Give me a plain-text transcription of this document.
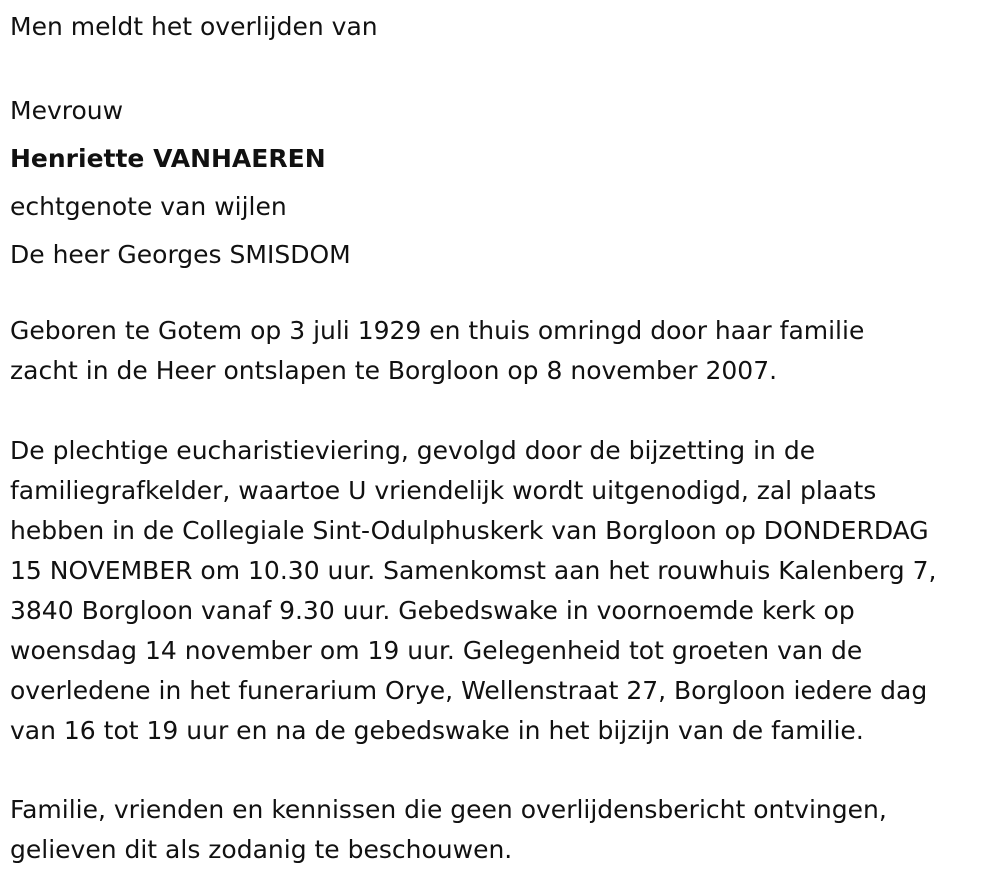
Men meldt het overlijden van

Mevrouw

Henriette VANHAEREN

echtgenote van wijlen

De heer Georges SMISDOM

Geboren te Gotem op 3 juli 1929 en thuis omringd door haar familie

zacht in de Heer ontslapen te Borgloon op 8 november 2007.

De plechtige eucharistieviering, gevolgd door de bijzetting in de

familiegrafkelder, waartoe U vriendelijk wordt uitgenodigd, zal plaats

hebben in de Collegiale Sint-Odulphuskerk van Borgloon op DONDERDAG

15 NOVEMBER om 10.30 uur. Samenkomst aan het rouwhuis Kalenberg 7,

3840 Borgloon vanaf 9.30 uur. Gebedswake in voornoemde kerk op

woensdag 14 november om 19 uur. Gelegenheid tot groeten van de

overledene in het funerarium Orye, Wellenstraat 27, Borgloon iedere dag

van 16 tot 19 uur en na de gebedswake in het bijzijn van de familie.

Familie, vrienden en kennissen die geen overlijdensbericht ontvingen,

gelieven dit als zodanig te beschouwen.
